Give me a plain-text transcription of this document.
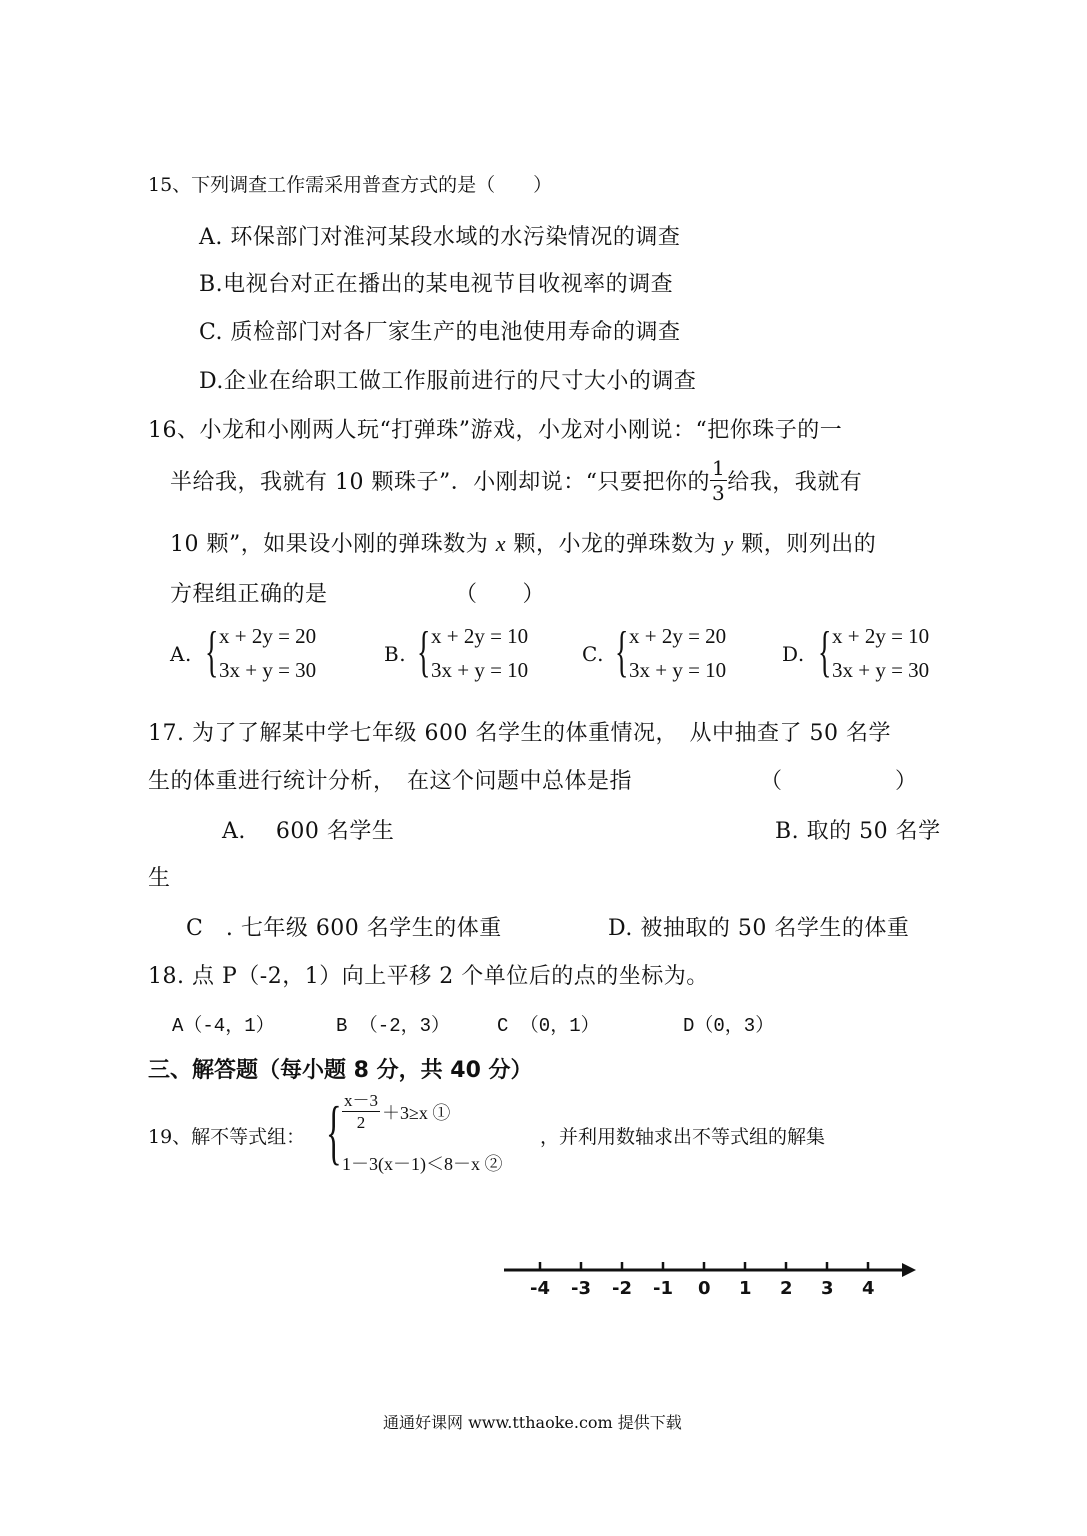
15、下列调查工作需采用普查方式的是（　　）
A. 环保部门对淮河某段水域的水污染情况的调查
B.电视台对正在播出的某电视节目收视率的调查
C. 质检部门对各厂家生产的电池使用寿命的调查
D.企业在给职工做工作服前进行的尺寸大小的调查
16、小龙和小刚两人玩“打弹珠”游戏，小龙对小刚说：“把你珠子的一
半给我，我就有 10 颗珠子”．小刚却说：“只要把你的 $\frac{1}{3}$ 给我，我就有
10 颗”，如果设小刚的弹珠数为 x 颗，小龙的弹珠数为 y 颗，则列出的
方程组正确的是	（　　）
A. { x + 2y = 20
3x + y = 30
B. { x + 2y = 10
3x + y = 10
C. { x + 2y = 20
3x + y = 10
D. { x + 2y = 10
3x + y = 30
17. 为了了解某中学七年级 600 名学生的体重情况，　从中抽查了 50 名学
生的体重进行统计分析，　在这个问题中总体是指	（　　　　　）
A.　 600 名学生	B. 取的 50 名学
生
C　. 七年级 600 名学生的体重	D. 被抽取的 50 名学生的体重
18. 点 P（-2，1）向上平移 2 个单位后的点的坐标为。
A（-4，1）	B （-2，3） C （0，1）	D（0，3）
三、解答题（每小题 8 分，共 40 分）
19、解不等式组： { $\frac{x-3}{2} +3\ge x$ ①
1－3(x－1)＜8－x ②
，并利用数轴求出不等式组的解集
-4 -3 -2 -1 0 1 2 3 4
通通好课网 www.tthaoke.com 提供下载
